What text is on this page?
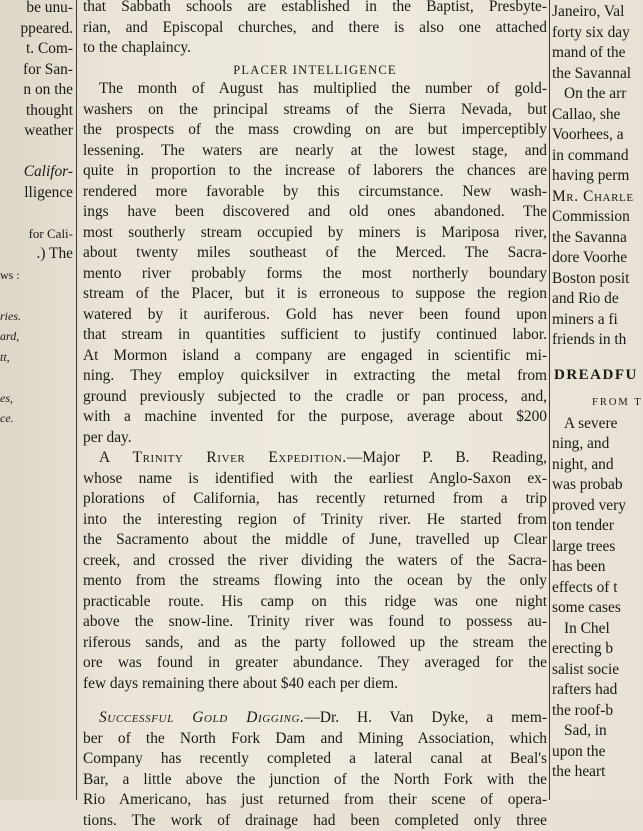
be unu-
ppeared.
t. Com-
for San-
n on the
thought
weather
Califor-
lligence
for Cali-
.) The
ws :
ries.
ard,
tt,
es,
ce.
that Sabbath schools are established in the Baptist, Presbyte-
rian, and Episcopal churches, and there is also one attached
to the chaplaincy.
PLACER INTELLIGENCE
The month of August has multiplied the number of gold-
washers on the principal streams of the Sierra Nevada, but
the prospects of the mass crowding on are but imperceptibly
lessening. The waters are nearly at the lowest stage, and
quite in proportion to the increase of laborers the chances are
rendered more favorable by this circumstance. New wash-
ings have been discovered and old ones abandoned. The
most southerly stream occupied by miners is Mariposa river,
about twenty miles southeast of the Merced. The Sacra-
mento river probably forms the most northerly boundary
stream of the Placer, but it is erroneous to suppose the region
watered by it auriferous. Gold has never been found upon
that stream in quantities sufficient to justify continued labor.
At Mormon island a company are engaged in scientific mi-
ning. They employ quicksilver in extracting the metal from
ground previously subjected to the cradle or pan process, and,
with a machine invented for the purpose, average about $200
per day.
A Trinity River Expedition.—Major P. B. Reading,
whose name is identified with the earliest Anglo-Saxon ex-
plorations of California, has recently returned from a trip
into the interesting region of Trinity river. He started from
the Sacramento about the middle of June, travelled up Clear
creek, and crossed the river dividing the waters of the Sacra-
mento from the streams flowing into the ocean by the only
practicable route. His camp on this ridge was one night
above the snow-line. Trinity river was found to possess au-
riferous sands, and as the party followed up the stream the
ore was found in greater abundance. They averaged for the
few days remaining there about $40 each per diem.
Successful Gold Digging.—Dr. H. Van Dyke, a mem-
ber of the North Fork Dam and Mining Association, which
Company has recently completed a lateral canal at Beal's
Bar, a little above the junction of the North Fork with the
Rio Americano, has just returned from their scene of opera-
tions. The work of drainage had been completed only three
Janeiro, Val
forty six day
mand of the
the Savannal
On the arr
Callao, she
Voorhees, a
in command
having perm
Mr. Charle
Commission
the Savanna
dore Voorhe
Boston posit
and Rio de
miners a fi
friends in th
DREADFU
FROM T
A severe
ning, and
night, and
was probab
proved very
ton tender
large trees
has been
effects of t
some cases
In Chel
erecting b
salist socie
rafters had
the roof-b
Sad, in
upon the
the heart
